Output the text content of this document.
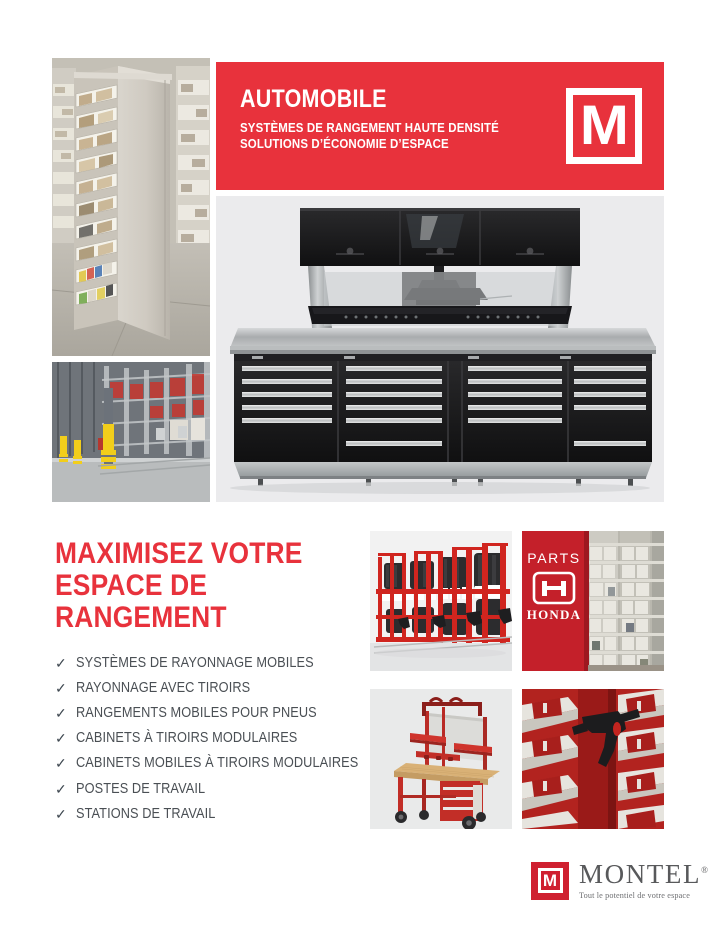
AUTOMOBILE
SYSTÈMES DE RANGEMENT HAUTE DENSITÉ
SOLUTIONS D’ÉCONOMIE D’ESPACE	M
MAXIMISEZ VOTRE
ESPACE DE RANGEMENT
✓ SYSTÈMES DE RAYONNAGE MOBILES
✓ RAYONNAGE AVEC TIROIRS
✓ RANGEMENTS MOBILES POUR PNEUS
✓ CABINETS À TIROIRS MODULAIRES
✓ CABINETS MOBILES À TIROIRS MODULAIRES
✓ POSTES DE TRAVAIL
✓ STATIONS DE TRAVAIL
PARTS
HONDA
M MONTEL®
Tout le potentiel de votre espace
